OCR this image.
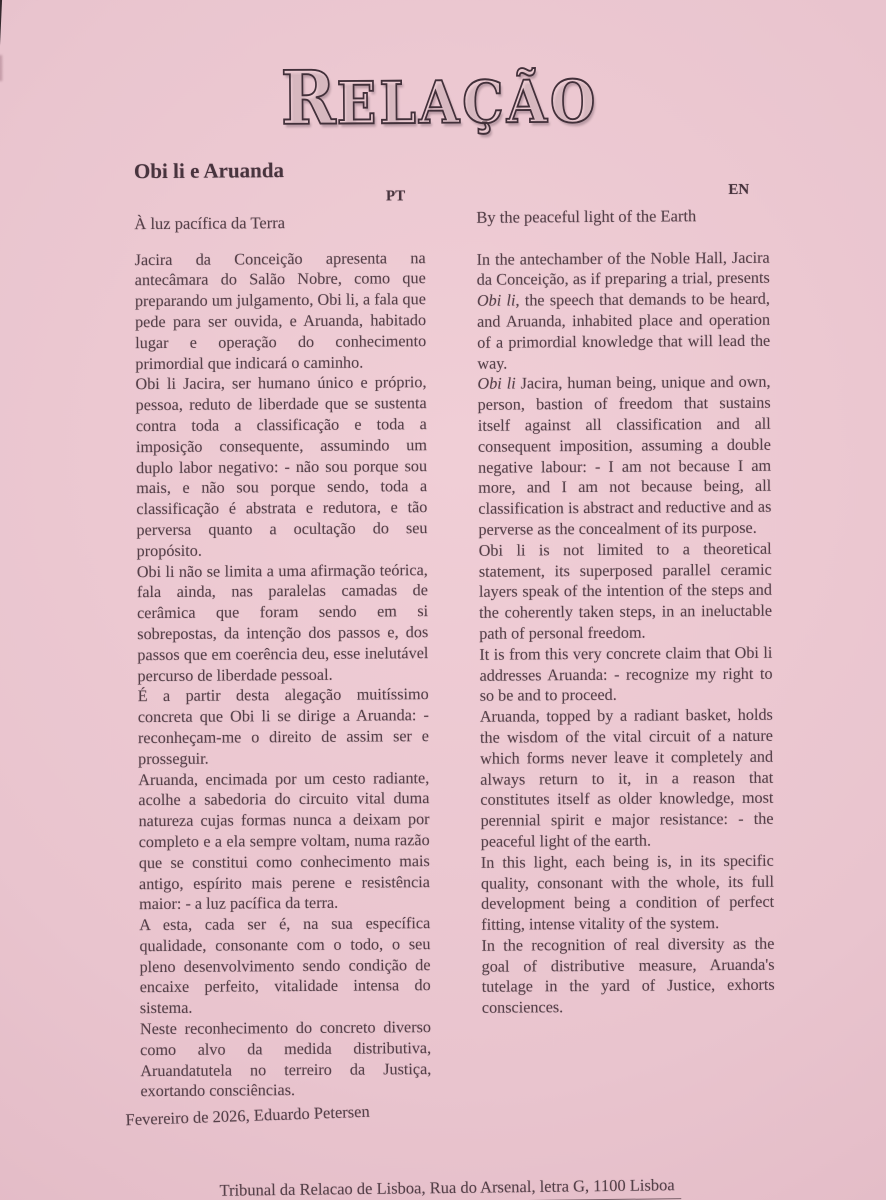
RELAÇÃO
Obi li e Aruanda
PT
À luz pacífica da Terra

Jacira da Conceição apresenta na antecâmara do Salão Nobre, como que preparando um julgamento, Obi li, a fala que pede para ser ouvida, e Aruanda, habitado lugar e operação do conhecimento primordial que indicará o caminho.

Obi li Jacira, ser humano único e próprio, pessoa, reduto de liberdade que se sustenta contra toda a classificação e toda a imposição consequente, assumindo um duplo labor negativo: - não sou porque sou mais, e não sou porque sendo, toda a classificação é abstrata e redutora, e tão perversa quanto a ocultação do seu propósito.

Obi li não se limita a uma afirmação teórica, fala ainda, nas paralelas camadas de cerâmica que foram sendo em si sobrepostas, da intenção dos passos e, dos passos que em coerência deu, esse inelutável percurso de liberdade pessoal.

É a partir desta alegação muitíssimo concreta que Obi li se dirige a Aruanda: - reconheçam-me o direito de assim ser e prosseguir.

Aruanda, encimada por um cesto radiante, acolhe a sabedoria do circuito vital duma natureza cujas formas nunca a deixam por completo e a ela sempre voltam, numa razão que se constitui como conhecimento mais antigo, espírito mais perene e resistência maior: - a luz pacífica da terra.

A esta, cada ser é, na sua específica qualidade, consonante com o todo, o seu pleno desenvolvimento sendo condição de encaixe perfeito, vitalidade intensa do sistema.

Neste reconhecimento do concreto diverso como alvo da medida distributiva, Aruandatutela no terreiro da Justiça, exortando consciências.

EN
By the peaceful light of the Earth

In the antechamber of the Noble Hall, Jacira da Conceição, as if preparing a trial, presents Obi li, the speech that demands to be heard, and Aruanda, inhabited place and operation of a primordial knowledge that will lead the way.

Obi li Jacira, human being, unique and own, person, bastion of freedom that sustains itself against all classification and all consequent imposition, assuming a double negative labour: - I am not because I am more, and I am not because being, all classification is abstract and reductive and as perverse as the concealment of its purpose.

Obi li is not limited to a theoretical statement, its superposed parallel ceramic layers speak of the intention of the steps and the coherently taken steps, in an ineluctable path of personal freedom.

It is from this very concrete claim that Obi li addresses Aruanda: - recognize my right to so be and to proceed.

Aruanda, topped by a radiant basket, holds the wisdom of the vital circuit of a nature which forms never leave it completely and always return to it, in a reason that constitutes itself as older knowledge, most perennial spirit e major resistance: - the peaceful light of the earth.

In this light, each being is, in its specific quality, consonant with the whole, its full development being a condition of perfect fitting, intense vitality of the system.

In the recognition of real diversity as the goal of distributive measure, Aruanda's tutelage in the yard of Justice, exhorts consciences.

Fevereiro de 2026, Eduardo Petersen
Tribunal da Relacao de Lisboa, Rua do Arsenal, letra G, 1100 Lisboa
